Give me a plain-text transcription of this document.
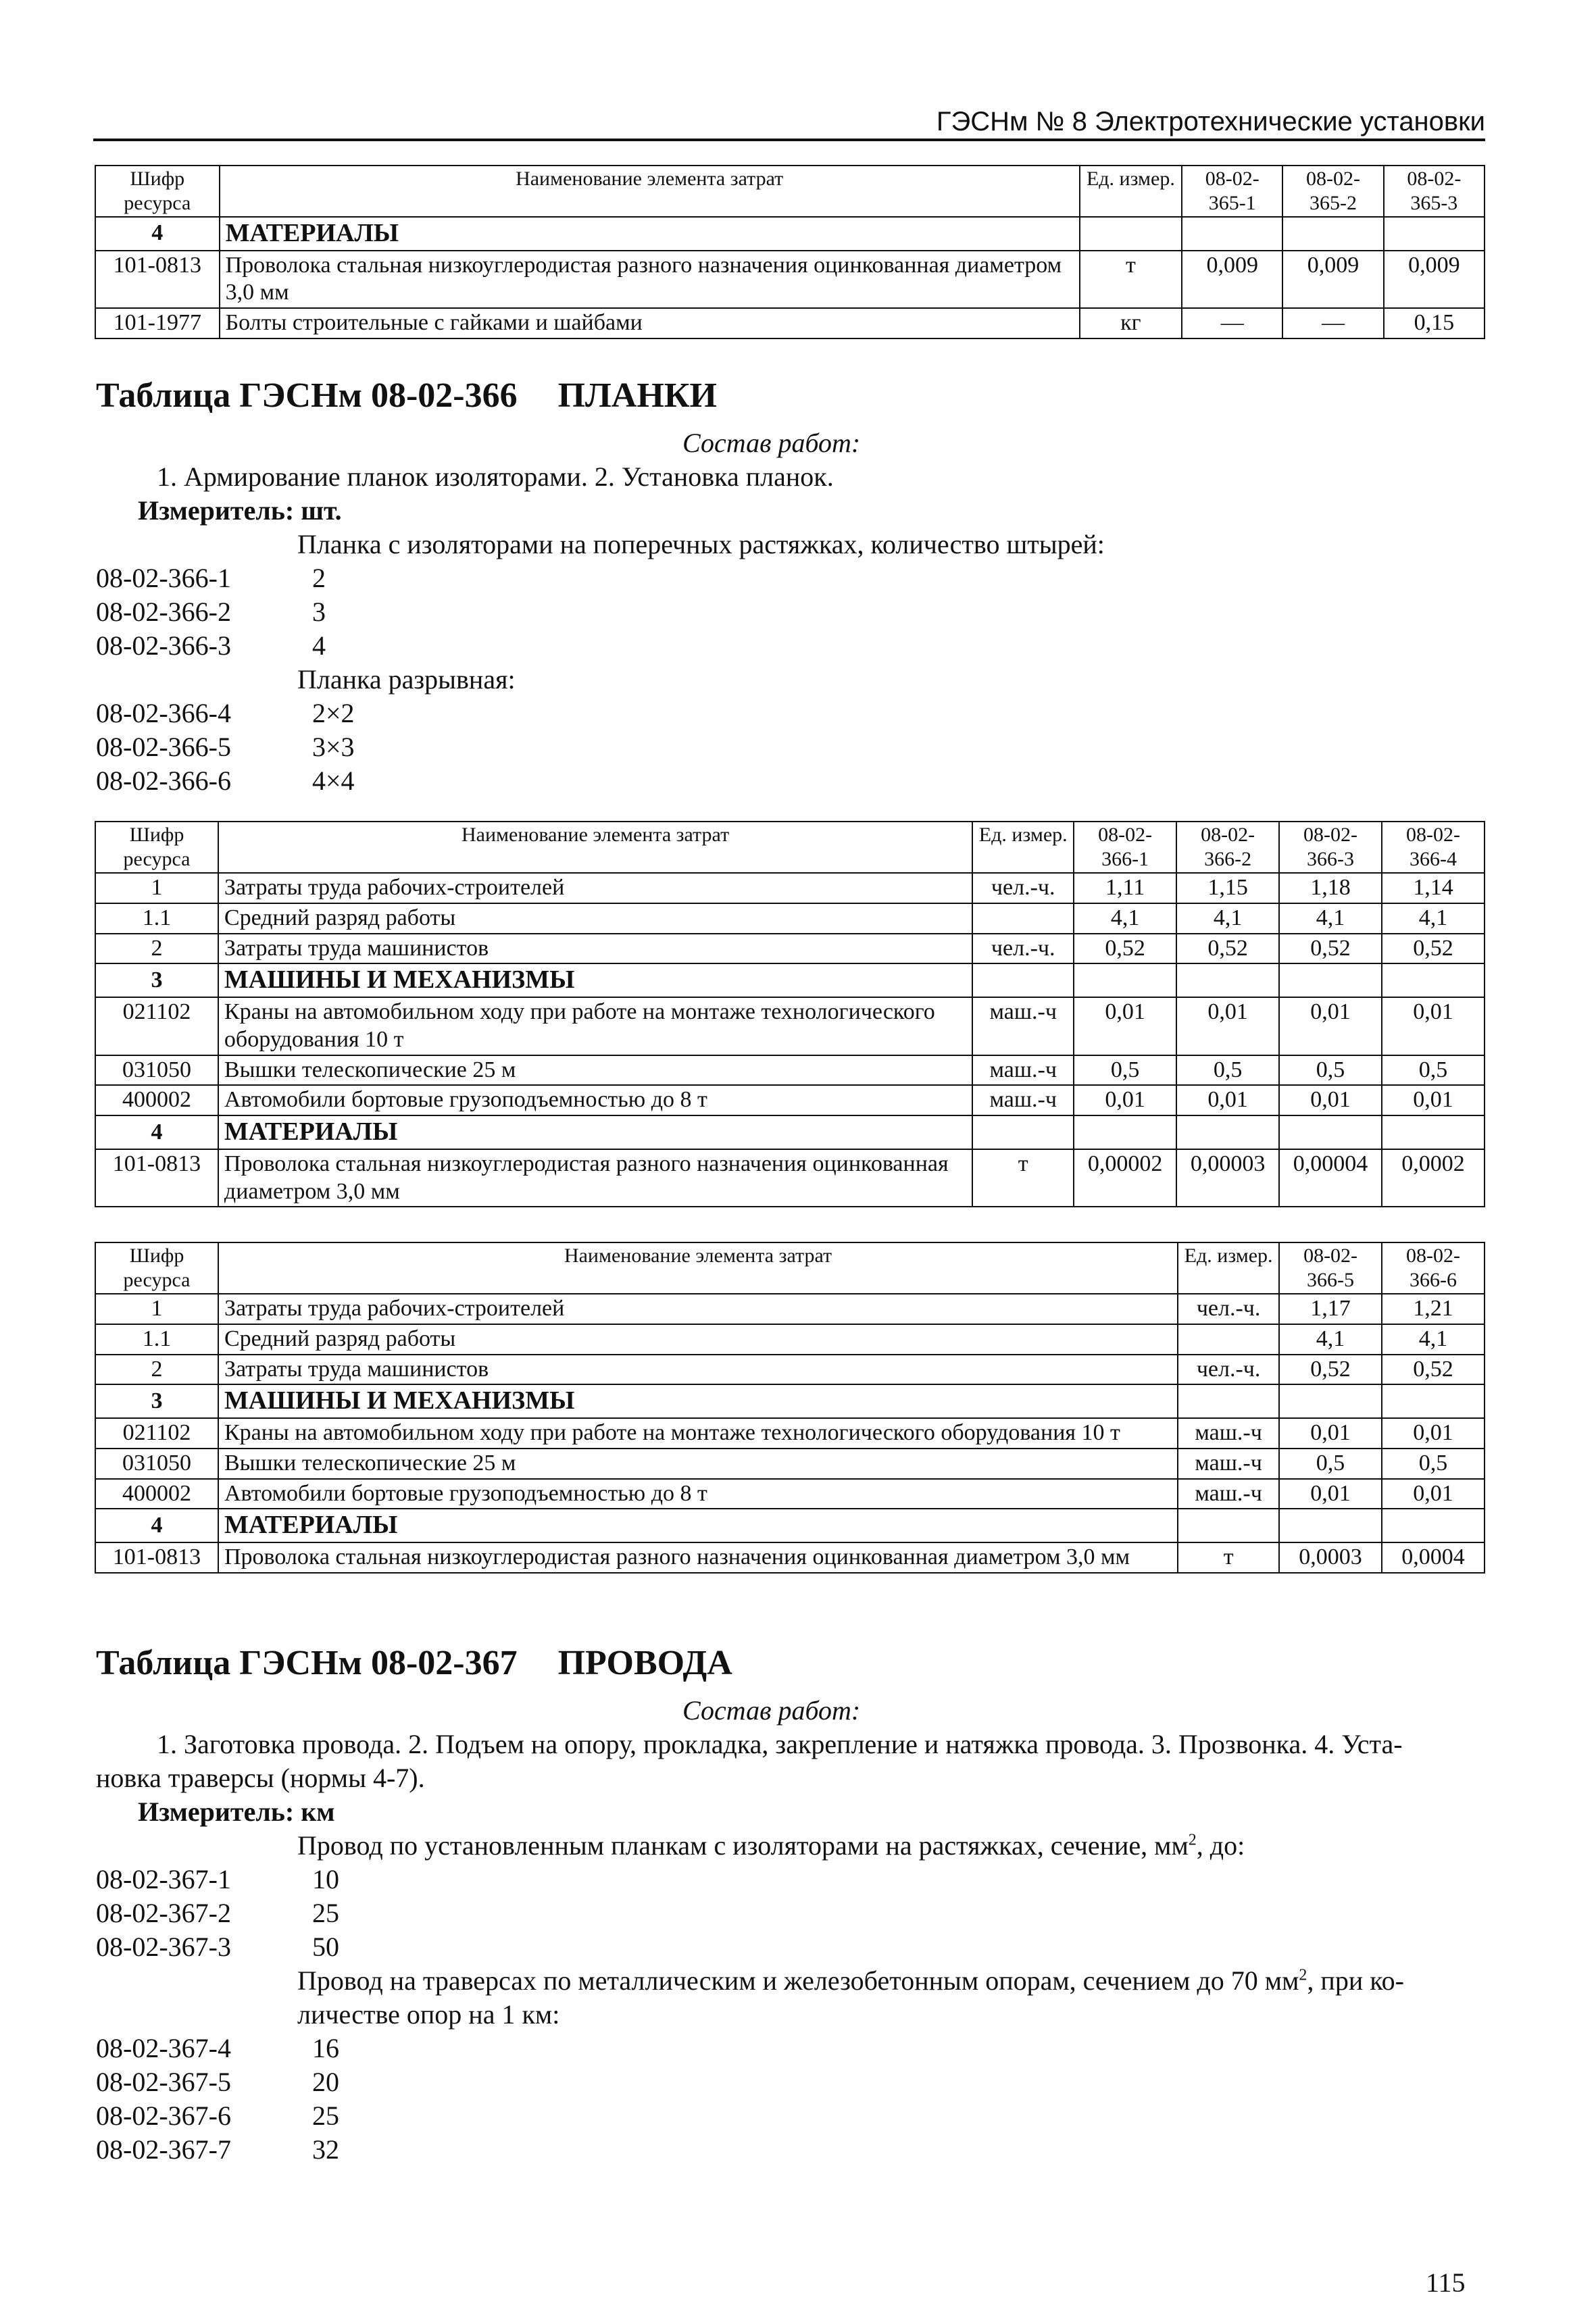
ГЭСНм № 8 Электротехнические установки
Шифр ресурса	Наименование элемента затрат	Ед. измер.	08-02-365-1	08-02-365-2	08-02-365-3
4	МАТЕРИАЛЫ				
101-0813	Проволока стальная низкоуглеродистая разного назначения оцинкованная диаметром 3,0 мм	т	0,009	0,009	0,009
101-1977	Болты строительные с гайками и шайбами	кг	—	—	0,15
Таблица ГЭСНм 08-02-366 ПЛАНКИ
Состав работ:
1. Армирование планок изоляторами. 2. Установка планок.
Измеритель: шт.
Планка с изоляторами на поперечных растяжках, количество штырей:
08-02-366-1	2
08-02-366-2	3
08-02-366-3	4
Планка разрывная:
08-02-366-4	2×2
08-02-366-5	3×3
08-02-366-6	4×4
Шифр ресурса	Наименование элемента затрат	Ед. измер.	08-02-366-1	08-02-366-2	08-02-366-3	08-02-366-4
1	Затраты труда рабочих-строителей	чел.-ч.	1,11	1,15	1,18	1,14
1.1	Средний разряд работы		4,1	4,1	4,1	4,1
2	Затраты труда машинистов	чел.-ч.	0,52	0,52	0,52	0,52
3	МАШИНЫ И МЕХАНИЗМЫ					
021102	Краны на автомобильном ходу при работе на монтаже технологического оборудования 10 т	маш.-ч	0,01	0,01	0,01	0,01
031050	Вышки телескопические 25 м	маш.-ч	0,5	0,5	0,5	0,5
400002	Автомобили бортовые грузоподъемностью до 8 т	маш.-ч	0,01	0,01	0,01	0,01
4	МАТЕРИАЛЫ					
101-0813	Проволока стальная низкоуглеродистая разного назначения оцинкованная диаметром 3,0 мм	т	0,00002	0,00003	0,00004	0,0002
Шифр ресурса	Наименование элемента затрат	Ед. измер.	08-02-366-5	08-02-366-6
1	Затраты труда рабочих-строителей	чел.-ч.	1,17	1,21
1.1	Средний разряд работы		4,1	4,1
2	Затраты труда машинистов	чел.-ч.	0,52	0,52
3	МАШИНЫ И МЕХАНИЗМЫ			
021102	Краны на автомобильном ходу при работе на монтаже технологического оборудования 10 т	маш.-ч	0,01	0,01
031050	Вышки телескопические 25 м	маш.-ч	0,5	0,5
400002	Автомобили бортовые грузоподъемностью до 8 т	маш.-ч	0,01	0,01
4	МАТЕРИАЛЫ			
101-0813	Проволока стальная низкоуглеродистая разного назначения оцинкованная диаметром 3,0 мм	т	0,0003	0,0004
Таблица ГЭСНм 08-02-367 ПРОВОДА
Состав работ:
1. Заготовка провода. 2. Подъем на опору, прокладка, закрепление и натяжка провода. 3. Прозвонка. 4. Уста-
новка траверсы (нормы 4-7).
Измеритель: км
Провод по установленным планкам с изоляторами на растяжках, сечение, $мм^2$, до:
08-02-367-1	10
08-02-367-2	25
08-02-367-3	50
Провод на траверсах по металлическим и железобетонным опорам, сечением до 70 $мм^2$, при ко-
личестве опор на 1 км:
08-02-367-4	16
08-02-367-5	20
08-02-367-6	25
08-02-367-7	32
115
